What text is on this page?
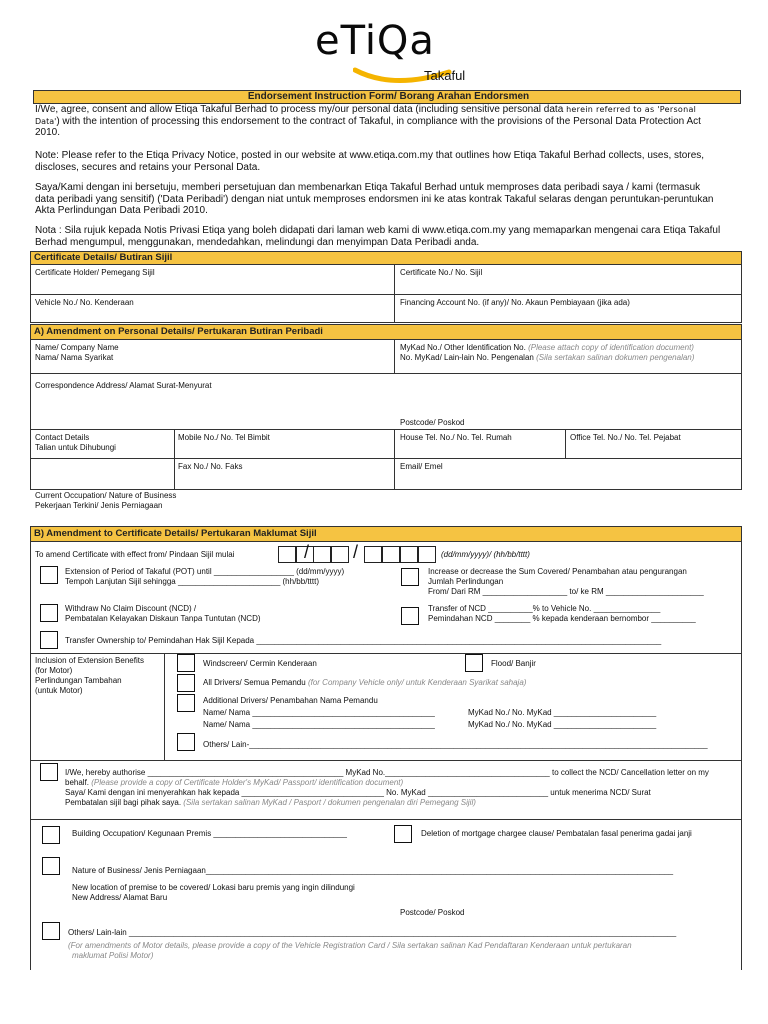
eTiQa
Takaful
Endorsement Instruction Form/ Borang Arahan Endorsmen
I/We, agree, consent and allow Etiqa Takaful Berhad to process my/our personal data (including sensitive personal data herein referred to as 'Personal
Data') with the intention of processing this endorsement to the contract of Takaful, in compliance with the provisions of the Personal Data Protection Act
2010.
Note: Please refer to the Etiqa Privacy Notice, posted in our website at www.etiqa.com.my that outlines how Etiqa Takaful Berhad collects, uses, stores,
discloses, secures and retains your Personal Data.
Saya/Kami dengan ini bersetuju, memberi persetujuan dan membenarkan Etiqa Takaful Berhad untuk memproses data peribadi saya / kami (termasuk
data peribadi yang sensitif) ('Data Peribadi') dengan niat untuk memproses endorsmen ini ke atas kontrak Takaful selaras dengan peruntukan-peruntukan
Akta Perlindungan Data Peribadi 2010.
Nota : Sila rujuk kepada Notis Privasi Etiqa yang boleh didapati dari laman web kami di www.etiqa.com.my yang memaparkan mengenai cara Etiqa Takaful
Berhad mengumpul, menggunakan, mendedahkan, melindungi dan menyimpan Data Peribadi anda.
Certificate Details/ Butiran Sijil
Certificate Holder/ Pemegang Sijil	Certificate No./ No. Sijil
Vehicle No./ No. Kenderaan	Financing Account No. (if any)/ No. Akaun Pembiayaan (jika ada)
A) Amendment on Personal Details/ Pertukaran Butiran Peribadi
Name/ Company Name
Nama/ Nama Syarikat
MyKad No./ Other Identification No. (Please attach copy of identification document)
No. MyKad/ Lain-lain No. Pengenalan (Sila sertakan salinan dokumen pengenalan)
Correspondence Address/ Alamat Surat-Menyurat
Postcode/ Poskod
Contact Details
Talian untuk Dihubungi
Mobile No./ No. Tel Bimbit	House Tel. No./ No. Tel. Rumah	Office Tel. No./ No. Tel. Pejabat
Fax No./ No. Faks	Email/ Emel
Current Occupation/ Nature of Business
Pekerjaan Terkini/ Jenis Perniagaan
B) Amendment to Certificate Details/ Pertukaran Maklumat Sijil
To amend Certificate with effect from/ Pindaan Sijil mulai	/ /	(dd/mm/yyyy)/ (hh/bb/tttt)
Extension of Period of Takaful (POT) until __________________ (dd/mm/yyyy)
Tempoh Lanjutan Sijil sehingga _______________________ (hh/bb/tttt)
Increase or decrease the Sum Covered/ Penambahan atau pengurangan
Jumlah Perlindungan
From/ Dari RM ___________________ to/ ke RM ______________________
Withdraw No Claim Discount (NCD) /
Pembatalan Kelayakan Diskaun Tanpa Tuntutan (NCD)
Transfer of NCD __________% to Vehicle No. _______________
Pemindahan NCD ________ % kepada kenderaan bernombor __________
Transfer Ownership to/ Pemindahan Hak Sijil Kepada ___________________________________________________________________________________________
Inclusion of Extension Benefits
(for Motor)
Perlindungan Tambahan
(untuk Motor)
Windscreen/ Cermin Kenderaan	Flood/ Banjir
All Drivers/ Semua Pemandu (for Company Vehicle only/ untuk Kenderaan Syarikat sahaja)
Additional Drivers/ Penambahan Nama Pemandu
Name/ Nama _________________________________________	MyKad No./ No. MyKad _______________________
Name/ Nama _________________________________________	MyKad No./ No. MyKad _______________________
Others/ Lain-_______________________________________________________________________________________________________
I/We, hereby authorise ____________________________________________ MyKad No._____________________________________ to collect the NCD/ Cancellation letter on my
behalf. (Please provide a copy of Certificate Holder's MyKad/ Passport/ identification document)
Saya/ Kami dengan ini menyerahkan hak kepada ________________________________ No. MyKad ___________________________ untuk menerima NCD/ Surat
Pembatalan sijil bagi pihak saya. (Sila sertakan salinan MyKad / Pasport / dokumen pengenalan diri Pemegang Sijil)
Building Occupation/ Kegunaan Premis ______________________________	Deletion of mortgage chargee clause/ Pembatalan fasal penerima gadai janji
Nature of Business/ Jenis Perniagaan_________________________________________________________________________________________________________
New location of premise to be covered/ Lokasi baru premis yang ingin dilindungi
New Address/ Alamat Baru
Postcode/ Poskod
Others/ Lain-lain ___________________________________________________________________________________________________________________________
(For amendments of Motor details, please provide a copy of the Vehicle Registration Card / Sila sertakan salinan Kad Pendaftaran Kenderaan untuk pertukaran
maklumat Polisi Motor)
